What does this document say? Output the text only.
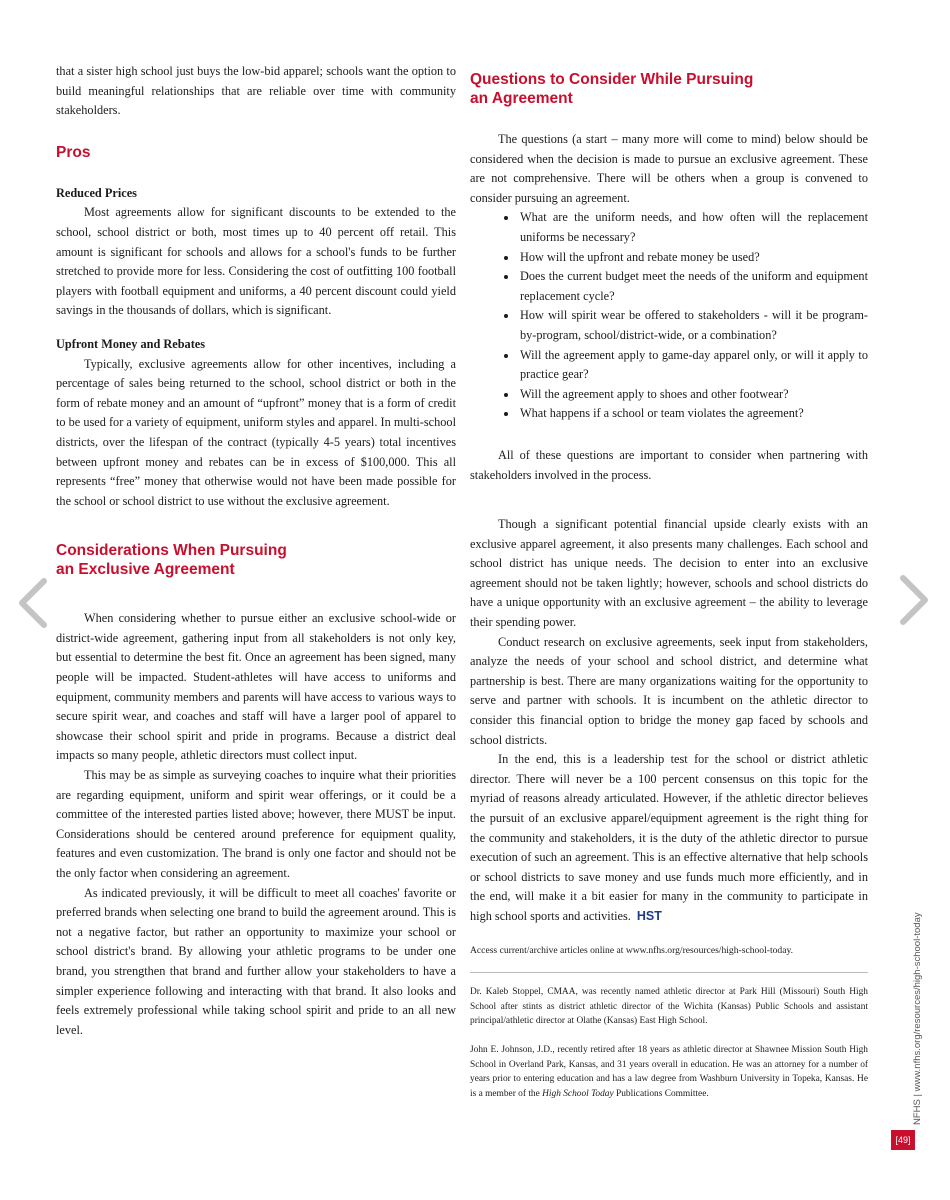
that a sister high school just buys the low-bid apparel; schools want the option to build meaningful relationships that are reliable over time with community stakeholders.

Pros
Reduced Prices

Most agreements allow for significant discounts to be extended to the school, school district or both, most times up to 40 percent off retail. This amount is significant for schools and allows for a school's funds to be further stretched to provide more for less. Considering the cost of outfitting 100 football players with football equipment and uniforms, a 40 percent discount could yield savings in the thousands of dollars, which is significant.

Upfront Money and Rebates

Typically, exclusive agreements allow for other incentives, including a percentage of sales being returned to the school, school district or both in the form of rebate money and an amount of “upfront” money that is a form of credit to be used for a variety of equipment, uniform styles and apparel. In multi-school districts, over the lifespan of the contract (typically 4-5 years) total incentives between upfront money and rebates can be in excess of $100,000. This all represents “free” money that otherwise would not have been made possible for the school or school district to use without the exclusive agreement.

Considerations When Pursuing
an Exclusive Agreement

When considering whether to pursue either an exclusive school-wide or district-wide agreement, gathering input from all stakeholders is not only key, but essential to determine the best fit. Once an agreement has been signed, many people will be impacted. Student-athletes will have access to uniforms and equipment, community members and parents will have access to various ways to secure spirit wear, and coaches and staff will have a larger pool of apparel to showcase their school spirit and pride in programs. Because a district deal impacts so many people, athletic directors must collect input.

This may be as simple as surveying coaches to inquire what their priorities are regarding equipment, uniform and spirit wear offerings, or it could be a committee of the interested parties listed above; however, there MUST be input. Considerations should be centered around preference for equipment quality, features and even customization. The brand is only one factor and should not be the only factor when considering an agreement.

As indicated previously, it will be difficult to meet all coaches' favorite or preferred brands when selecting one brand to build the agreement around. This is not a negative factor, but rather an opportunity to maximize your school or school district's brand. By allowing your athletic programs to be under one brand, you strengthen that brand and further allow your stakeholders to have a simpler experience following and interacting with that brand. It also looks and feels extremely professional while taking school spirit and pride to an all new level.

Questions to Consider While Pursuing
an Agreement

The questions (a start – many more will come to mind) below should be considered when the decision is made to pursue an exclusive agreement. These are not comprehensive. There will be others when a group is convened to consider pursuing an agreement.

• What are the uniform needs, and how often will the replacement uniforms be necessary?
• How will the upfront and rebate money be used?
• Does the current budget meet the needs of the uniform and equipment replacement cycle?
• How will spirit wear be offered to stakeholders - will it be program-by-program, school/district-wide, or a combination?
• Will the agreement apply to game-day apparel only, or will it apply to practice gear?
• Will the agreement apply to shoes and other footwear?
• What happens if a school or team violates the agreement?

All of these questions are important to consider when partnering with stakeholders involved in the process.

Though a significant potential financial upside clearly exists with an exclusive apparel agreement, it also presents many challenges. Each school and school district has unique needs. The decision to enter into an exclusive agreement should not be taken lightly; however, schools and school districts do have a unique opportunity with an exclusive agreement – the ability to leverage their spending power.

Conduct research on exclusive agreements, seek input from stakeholders, analyze the needs of your school and school district, and determine what partnership is best. There are many organizations waiting for the opportunity to serve and partner with schools. It is incumbent on the athletic director to consider this financial option to bridge the money gap faced by schools and school districts.

In the end, this is a leadership test for the school or district athletic director. There will never be a 100 percent consensus on this topic for the myriad of reasons already articulated. However, if the athletic director believes the pursuit of an exclusive apparel/equipment agreement is the right thing for the community and stakeholders, it is the duty of the athletic director to pursue execution of such an agreement. This is an effective alternative that help schools or school districts to save money and use funds much more efficiently, and in the end, will make it a bit easier for many in the community to participate in high school sports and activities. HST

Access current/archive articles online at www.nfhs.org/resources/high-school-today.

Dr. Kaleb Stoppel, CMAA, was recently named athletic director at Park Hill (Missouri) South High School after stints as district athletic director of the Wichita (Kansas) Public Schools and assistant principal/athletic director at Olathe (Kansas) East High School.

John E. Johnson, J.D., recently retired after 18 years as athletic director at Shawnee Mission South High School in Overland Park, Kansas, and 31 years overall in education. He was an attorney for a number of years prior to entering education and has a law degree from Washburn University in Topeka, Kansas. He is a member of the High School Today Publications Committee.	NFHS | www.nfhs.org/resources/high-school-today
[49]
